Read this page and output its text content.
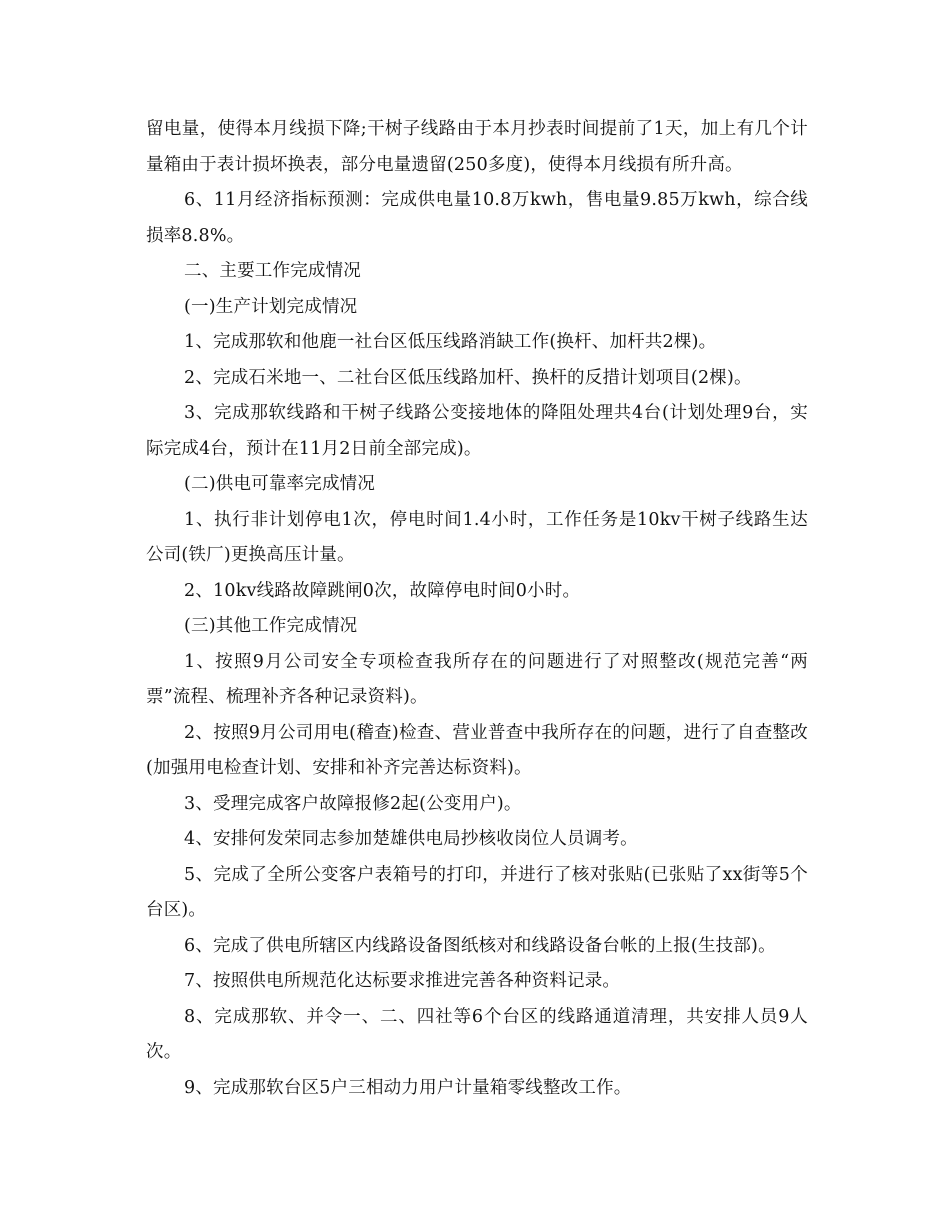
留电量，使得本月线损下降;干树子线路由于本月抄表时间提前了1天，加上有几个计量箱由于表计损坏换表，部分电量遗留(250多度)，使得本月线损有所升高。

6、11月经济指标预测：完成供电量10.8万kwh，售电量9.85万kwh，综合线损率8.8%。

二、主要工作完成情况

(一)生产计划完成情况

1、完成那软和他鹿一社台区低压线路消缺工作(换杆、加杆共2棵)。

2、完成石米地一、二社台区低压线路加杆、换杆的反措计划项目(2棵)。

3、完成那软线路和干树子线路公变接地体的降阻处理共4台(计划处理9台，实际完成4台，预计在11月2日前全部完成)。

(二)供电可靠率完成情况

1、执行非计划停电1次，停电时间1.4小时，工作任务是10kv干树子线路生达公司(铁厂)更换高压计量。

2、10kv线路故障跳闸0次，故障停电时间0小时。

(三)其他工作完成情况

1、按照9月公司安全专项检查我所存在的问题进行了对照整改(规范完善“两票”流程、梳理补齐各种记录资料)。

2、按照9月公司用电(稽查)检查、营业普查中我所存在的问题，进行了自查整改(加强用电检查计划、安排和补齐完善达标资料)。

3、受理完成客户故障报修2起(公变用户)。

4、安排何发荣同志参加楚雄供电局抄核收岗位人员调考。

5、完成了全所公变客户表箱号的打印，并进行了核对张贴(已张贴了xx街等5个台区)。

6、完成了供电所辖区内线路设备图纸核对和线路设备台帐的上报(生技部)。

7、按照供电所规范化达标要求推进完善各种资料记录。

8、完成那软、并令一、二、四社等6个台区的线路通道清理，共安排人员9人次。

9、完成那软台区5户三相动力用户计量箱零线整改工作。
